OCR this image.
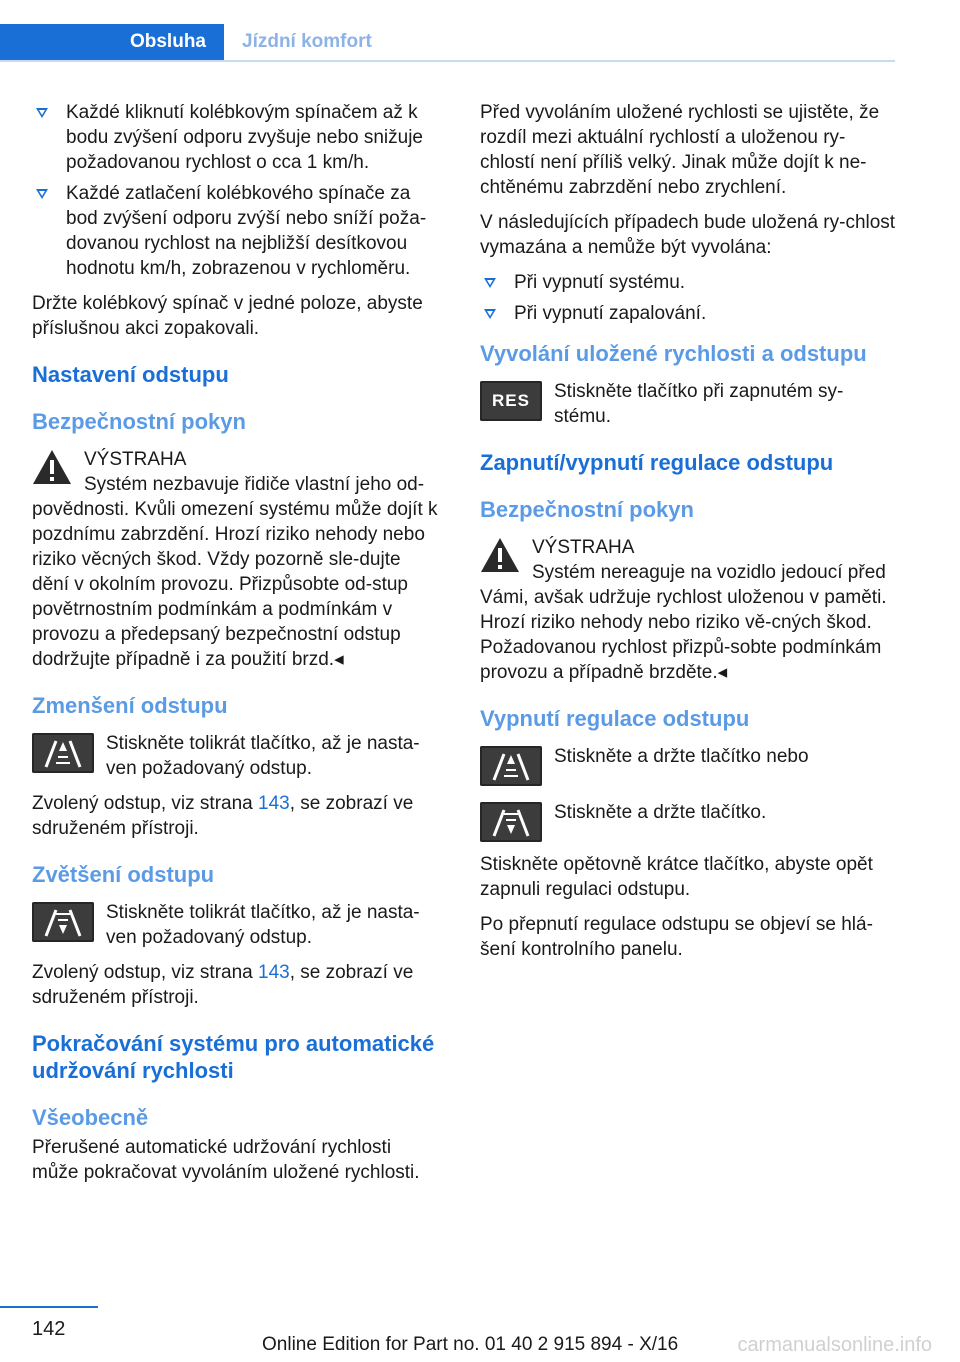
Obsluha	Jízdní komfort
Každé kliknutí kolébkovým spínačem až k bodu zvýšení odporu zvyšuje nebo snižuje požadovanou rychlost o cca 1 km/h.
Každé zatlačení kolébkového spínače za bod zvýšení odporu zvýší nebo sníží poža‐dovanou rychlost na nejbližší desítkovou hodnotu km/h, zobrazenou v rychloměru.

Držte kolébkový spínač v jedné poloze, abyste příslušnou akci zopakovali.

Nastavení odstupu
Bezpečnostní pokyn
VÝSTRAHA
Systém nezbavuje řidiče vlastní jeho od‐povědnosti. Kvůli omezení systému může dojít k pozdnímu zabrzdění. Hrozí riziko nehody nebo riziko věcných škod. Vždy pozorně sle‐dujte dění v okolním provozu. Přizpůsobte od‐stup povětrnostním podmínkám a podmínkám v provozu a předepsaný bezpečnostní odstup dodržujte případně i za použití brzd.◂
Zmenšení odstupu
Stiskněte tolikrát tlačítko, až je nasta‐ven požadovaný odstup.

Zvolený odstup, viz strana 143, se zobrazí ve sdruženém přístroji.

Zvětšení odstupu
Stiskněte tolikrát tlačítko, až je nasta‐ven požadovaný odstup.

Zvolený odstup, viz strana 143, se zobrazí ve sdruženém přístroji.

Pokračování systému pro automatické udržování rychlosti
Všeobecně

Přerušené automatické udržování rychlosti může pokračovat vyvoláním uložené rychlosti.

Před vyvoláním uložené rychlosti se ujistěte, že rozdíl mezi aktuální rychlostí a uloženou ry‐chlostí není příliš velký. Jinak může dojít k ne‐chtěnému zabrzdění nebo zrychlení.

V následujících případech bude uložená ry‐chlost vymazána a nemůže být vyvolána:

Při vypnutí systému.
Při vypnutí zapalování.
Vyvolání uložené rychlosti a odstupu
RES	Stiskněte tlačítko při zapnutém sy‐stému.
Zapnutí/vypnutí regulace odstupu
Bezpečnostní pokyn
VÝSTRAHA
Systém nereaguje na vozidlo jedoucí před Vámi, avšak udržuje rychlost uloženou v paměti. Hrozí riziko nehody nebo riziko vě‐cných škod. Požadovanou rychlost přizpů‐sobte podmínkám provozu a případně brzděte.◂
Vypnutí regulace odstupu
Stiskněte a držte tlačítko nebo
Stiskněte a držte tlačítko.

Stiskněte opětovně krátce tlačítko, abyste opět zapnuli regulaci odstupu.

Po přepnutí regulace odstupu se objeví se hlá‐šení kontrolního panelu.

142
Online Edition for Part no. 01 40 2 915 894 - X/16	carmanualsonline.info
